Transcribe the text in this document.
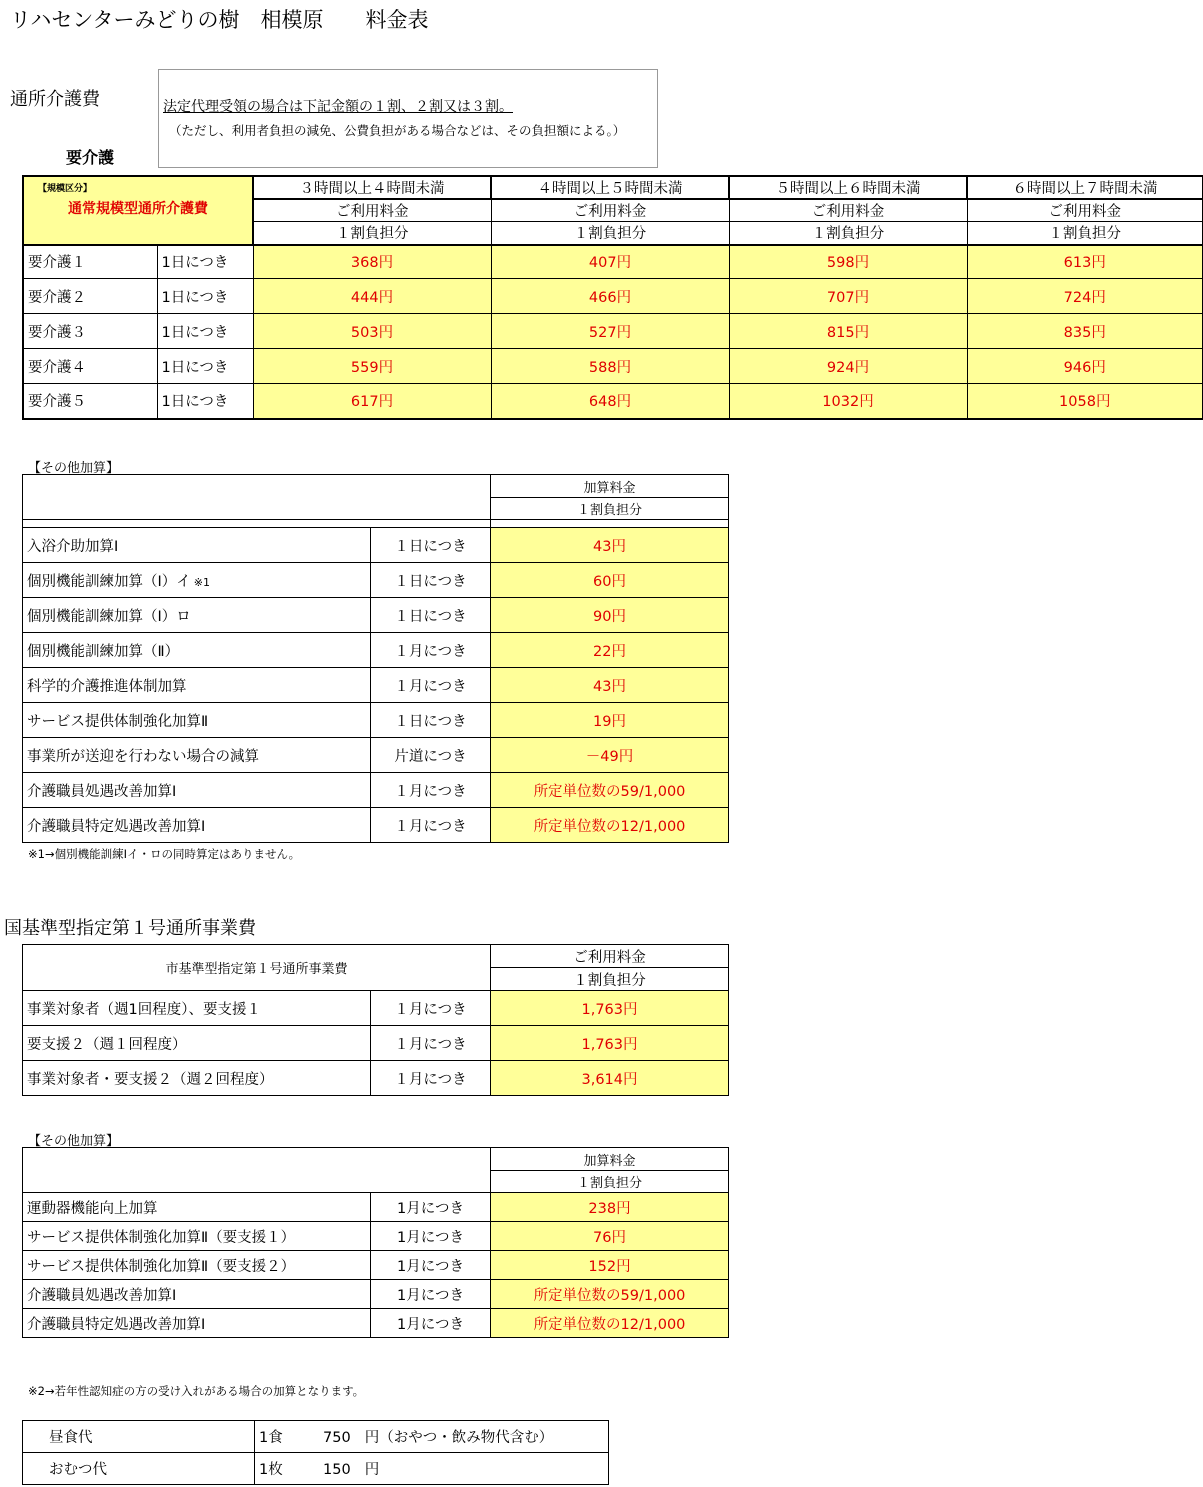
リハセンターみどりの樹　相模原　　料金表
通所介護費
要介護
法定代理受領の場合は下記金額の１割、２割又は３割。
（ただし、利用者負担の減免、公費負担がある場合などは、その負担額による。）
【規模区分】
通常規模型通所介護費		３時間以上４時間未満	４時間以上５時間未満	５時間以上６時間未満	６時間以上７時間未満
		ご利用料金	ご利用料金	ご利用料金	ご利用料金
		１割負担分	１割負担分	１割負担分	１割負担分
要介護１	1日につき	368円	407円	598円	613円
要介護２	1日につき	444円	466円	707円	724円
要介護３	1日につき	503円	527円	815円	835円
要介護４	1日につき	559円	588円	924円	946円
要介護５	1日につき	617円	648円	1032円	1058円
【その他加算】
		加算料金
		１割負担分

入浴介助加算Ⅰ	１日につき	43円
個別機能訓練加算（Ⅰ）イ ※1	１日につき	60円
個別機能訓練加算（Ⅰ）ロ	１日につき	90円
個別機能訓練加算（Ⅱ）	１月につき	22円
科学的介護推進体制加算	１月につき	43円
サービス提供体制強化加算Ⅱ	１日につき	19円
事業所が送迎を行わない場合の減算	片道につき	－49円
介護職員処遇改善加算Ⅰ	１月につき	所定単位数の59/1,000
介護職員特定処遇改善加算Ⅰ	１月につき	所定単位数の12/1,000
※1→個別機能訓練Ⅰイ・ロの同時算定はありません。
国基準型指定第１号通所事業費
市基準型指定第１号通所事業費		ご利用料金
		１割負担分
事業対象者（週1回程度）、要支援１	１月につき	1,763円
要支援２（週１回程度）	１月につき	1,763円
事業対象者・要支援２（週２回程度）	１月につき	3,614円
【その他加算】
		加算料金
		１割負担分
運動器機能向上加算	1月につき	238円
サービス提供体制強化加算Ⅱ（要支援１）	1月につき	76円
サービス提供体制強化加算Ⅱ（要支援２）	1月につき	152円
介護職員処遇改善加算Ⅰ	1月につき	所定単位数の59/1,000
介護職員特定処遇改善加算Ⅰ	1月につき	所定単位数の12/1,000
※2→若年性認知症の方の受け入れがある場合の加算となります。
昼食代	1食 750 円（おやつ・飲み物代含む）
おむつ代	1枚 150 円
